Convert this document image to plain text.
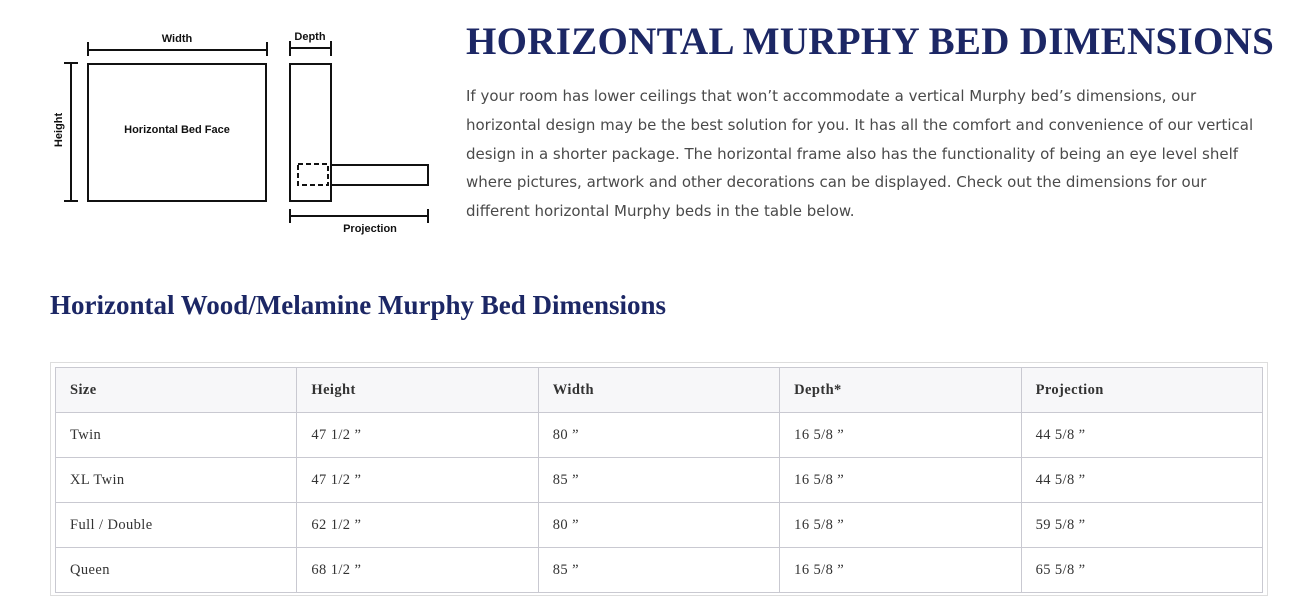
Width	Depth
Height	Horizontal Bed Face
Projection
HORIZONTAL MURPHY BED DIMENSIONS

If your room has lower ceilings that won’t accommodate a vertical Murphy bed’s dimensions, our horizontal design may be the best solution for you. It has all the comfort and convenience of our vertical design in a shorter package. The horizontal frame also has the functionality of being an eye level shelf where pictures, artwork and other decorations can be displayed. Check out the dimensions for our different horizontal Murphy beds in the table below.

Horizontal Wood/Melamine Murphy Bed Dimensions
Size	Height	Width	Depth*	Projection
Twin	47 1/2 ”	80 ”	16 5/8 ”	44 5/8 ”
XL Twin	47 1/2 ”	85 ”	16 5/8 ”	44 5/8 ”
Full / Double	62 1/2 ”	80 ”	16 5/8 ”	59 5/8 ”
Queen	68 1/2 ”	85 ”	16 5/8 ”	65 5/8 ”
